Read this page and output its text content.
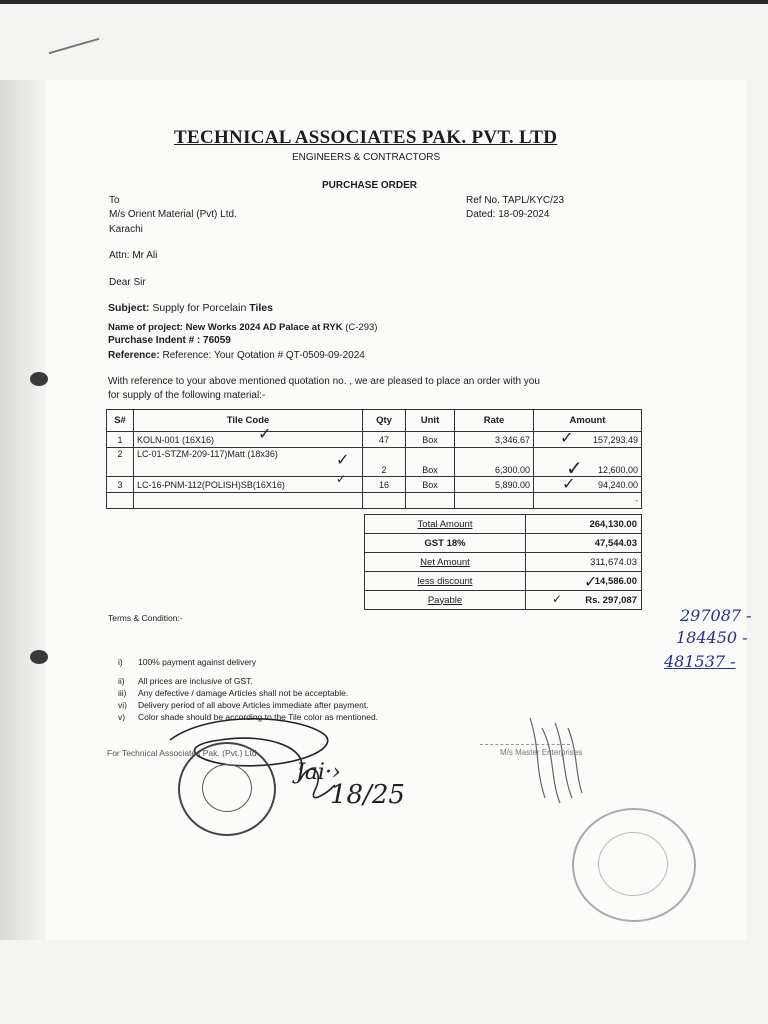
TECHNICAL ASSOCIATES PAK. PVT. LTD
ENGINEERS & CONTRACTORS
PURCHASE ORDER
To
M/s Orient Material (Pvt) Ltd.
Karachi
Attn: Mr Ali
Dear Sir
Ref No. TAPL/KYC/23
Dated: 18-09-2024
Subject: Supply for Porcelain Tiles
Name of project: New Works 2024 AD Palace at RYK (C-293)
Purchase Indent # : 76059
Reference: Reference: Your Qotation # QT-0509-09-2024
With reference to your above mentioned quotation no. , we are pleased to place an order with you
for supply of the following material:-
S#	Tile Code	Qty	Unit	Rate	Amount
1	KOLN-001 (16X16)	47	Box	3,346.67	157,293.49
2	LC-01-STZM-209-117)Matt (18x36)	2	Box	6,300.00	12,600.00
3	LC-16-PNM-112(POLISH)SB(16X16)	16	Box	5,890.00	94,240.00
					-
Total Amount	264,130.00
GST 18%	47,544.03
Net Amount	311,674.03
less discount	14,586.00
Payable	Rs. 297,087
✓	✓
✓	✓
✓	✓
✓
✓
297087 -
184450 -
481537 -
Terms & Condition:-
i) 100% payment against delivery
ii) All prices are inclusive of GST.
iii) Any defective / damage Articles shall not be acceptable.
vi) Delivery period of all above Articles immediate after payment.
v) Color shade should be according to the Tile color as mentioned.
For Technical Associates Pak. (Pvt.) Ltd	M/s Master Enterprises
Jai·›
18/25
